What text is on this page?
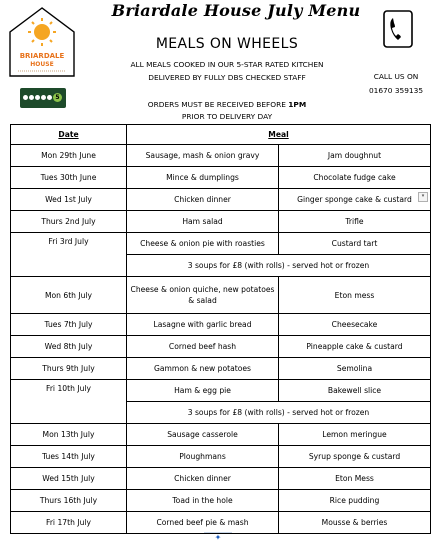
BRIARDALE
HOUSE
5
Briardale House July Menu
MEALS ON WHEELS
ALL MEALS COOKED IN OUR 5-STAR RATED KITCHEN
DELIVERED BY FULLY DBS CHECKED STAFF	CALL US ON
01670 359135
ORDERS MUST BE RECEIVED BEFORE 1PM
PRIOR TO DELIVERY DAY
Date	Meal	
Mon 29th June	Sausage, mash & onion gravy	Jam doughnut
Tues 30th June	Mince & dumplings	Chocolate fudge cake
Wed 1st July	Chicken dinner	Ginger sponge cake & custard
Thurs 2nd July	Ham salad	Trifle
Fri 3rd July	Cheese & onion pie with roasties	Custard tart
	3 soups for £8 (with rolls) - served hot or frozen	
Mon 6th July	Cheese & onion quiche, new potatoes & salad	Eton mess
Tues 7th July	Lasagne with garlic bread	Cheesecake
Wed 8th July	Corned beef hash	Pineapple cake & custard
Thurs 9th July	Gammon & new potatoes	Semolina
Fri 10th July	Ham & egg pie	Bakewell slice
	3 soups for £8 (with rolls) - served hot or frozen	
Mon 13th July	Sausage casserole	Lemon meringue
Tues 14th July	Ploughmans	Syrup sponge & custard
Wed 15th July	Chicken dinner	Eton Mess
Thurs 16th July	Toad in the hole	Rice pudding
Fri 17th July	Corned beef pie & mash	Mousse & berries
▾
✦
